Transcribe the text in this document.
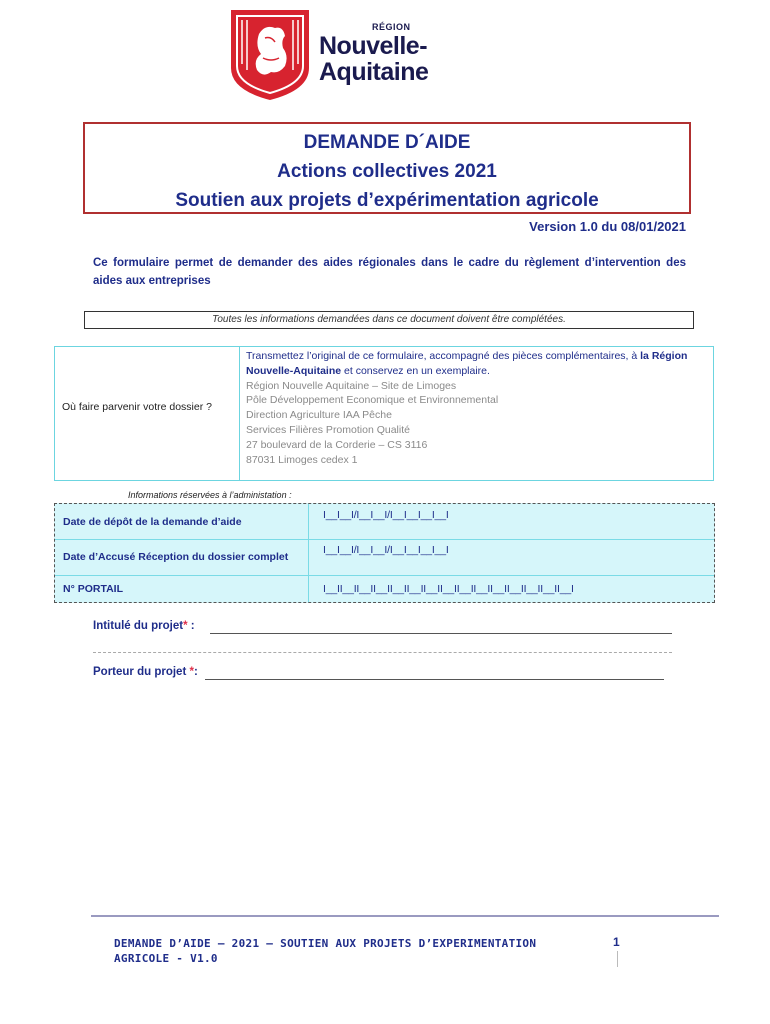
RÉGION
Nouvelle-
Aquitaine
DEMANDE D´AIDE
Actions collectives 2021
Soutien aux projets d’expérimentation agricole
Version 1.0 du 08/01/2021
Ce formulaire permet de demander des aides régionales dans le cadre du règlement d’intervention des aides aux entreprises
Toutes les informations demandées dans ce document doivent être complétées.
Où faire parvenir votre dossier ?
Transmettez l’original de ce formulaire, accompagné des pièces complémentaires, à la Région Nouvelle-Aquitaine et conservez en un exemplaire.
Région Nouvelle Aquitaine – Site de Limoges
Pôle Développement Economique et Environnemental
Direction Agriculture IAA Pêche
Services Filières Promotion Qualité
27 boulevard de la Corderie – CS 3116
87031 Limoges cedex 1
Informations réservées à l’administation :
Date de dépôt de la demande d’aide
I__I__I/I__I__I/I__I__I__I__I
Date d’Accusé Réception du dossier complet
I__I__I/I__I__I/I__I__I__I__I
N° PORTAIL	I__II__II__II__II__II__II__II__II__II__II__II__II__II__II__I
Intitulé du projet* :
Porteur du projet *:
DEMANDE D’AIDE – 2021 – SOUTIEN AUX PROJETS D’EXPERIMENTATION AGRICOLE - V1.0
1
